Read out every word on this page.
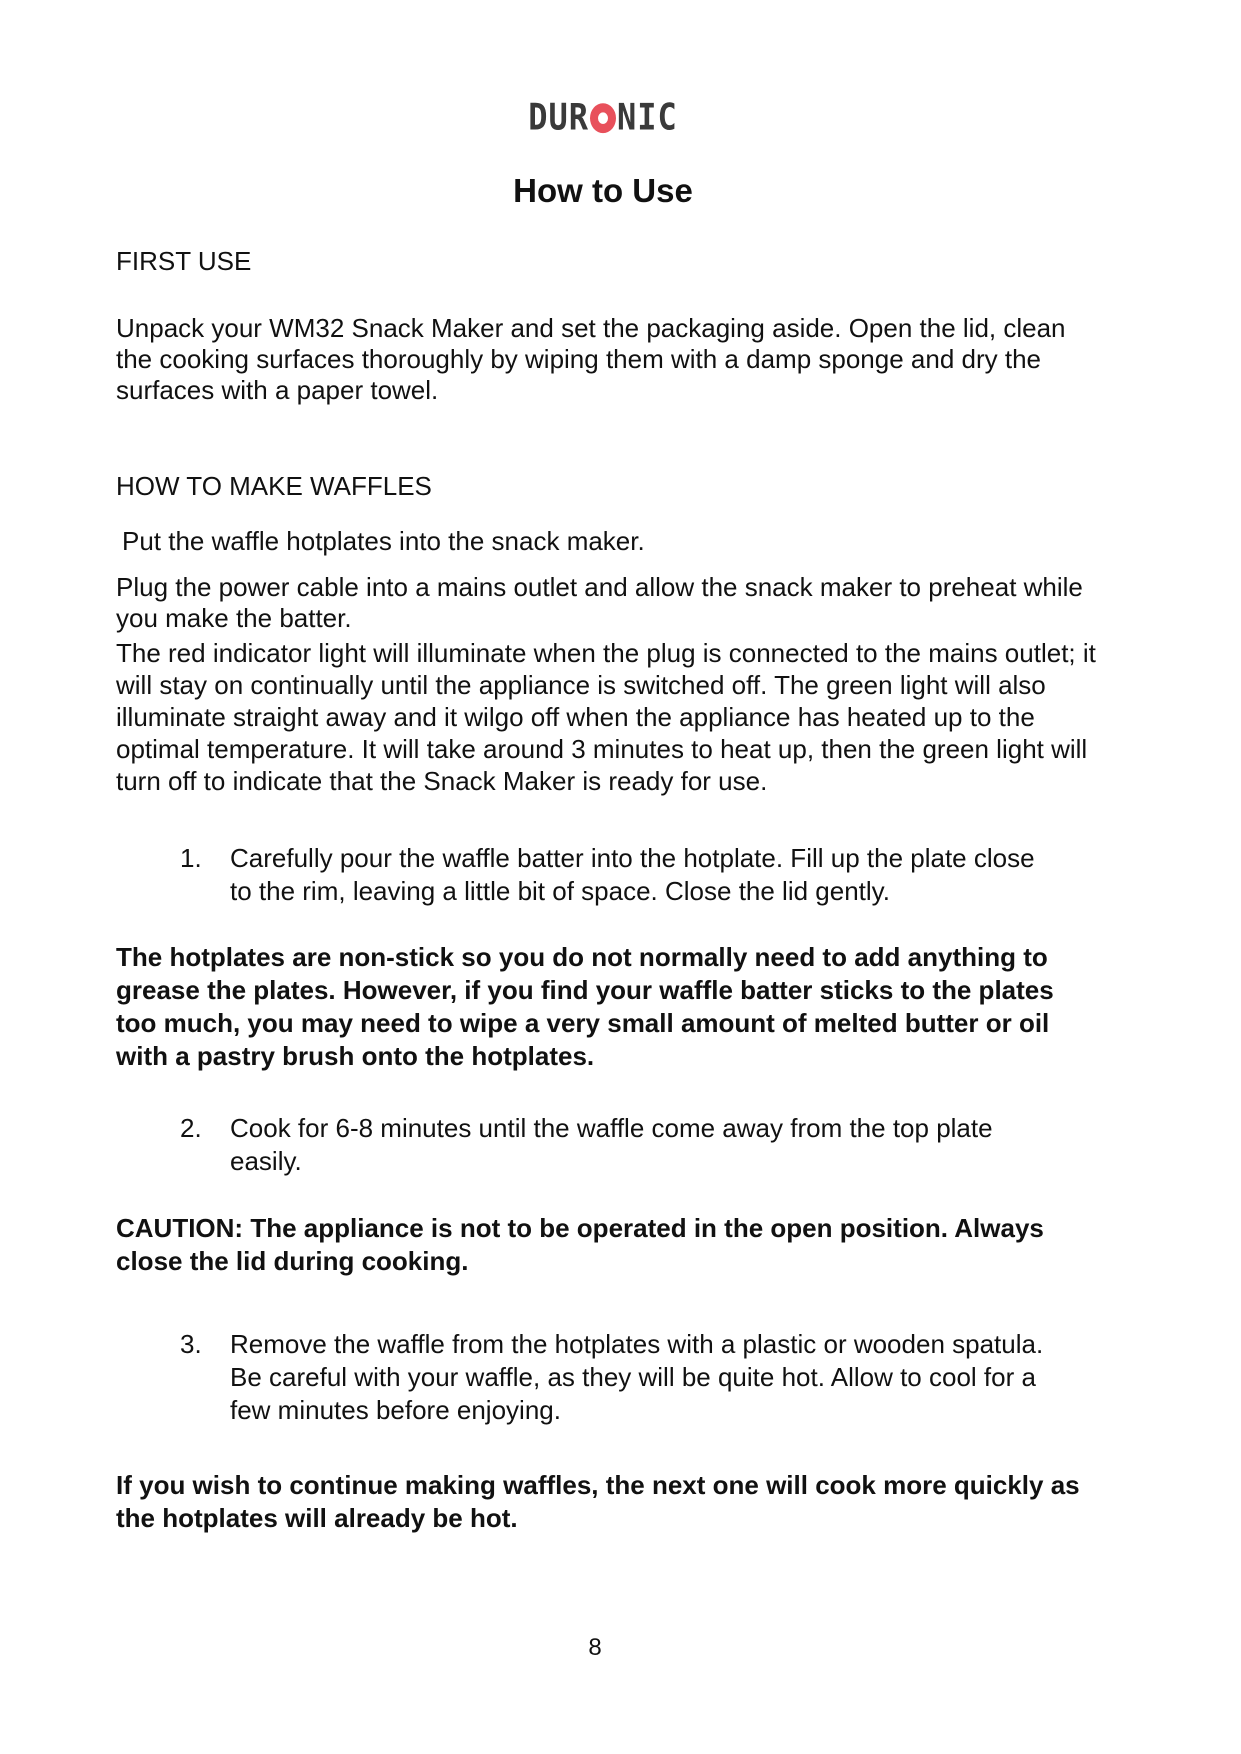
DUR NIC
How to Use

FIRST USE

Unpack your WM32 Snack Maker and set the packaging aside. Open the lid, clean the cooking surfaces thoroughly by wiping them with a damp sponge and dry the surfaces with a paper towel.

HOW TO MAKE WAFFLES

Put the waffle hotplates into the snack maker.

Plug the power cable into a mains outlet and allow the snack maker to preheat while you make the batter.

The red indicator light will illuminate when the plug is connected to the mains outlet; it will stay on continually until the appliance is switched off. The green light will also illuminate straight away and it wilɡo off when the appliance has heated up to the optimal temperature. It will take around 3 minutes to heat up, then the green light will turn off to indicate that the Snack Maker is ready for use.

1. Carefully pour the waffle batter into the hotplate. Fill up the plate close to the rim, leaving a little bit of space. Close the lid gently.

The hotplates are non-stick so you do not normally need to add anything to grease the plates. However, if you find your waffle batter sticks to the plates too much, you may need to wipe a very small amount of melted butter or oil with a pastry brush onto the hotplates.

2. Cook for 6-8 minutes until the waffle come away from the top plate easily.

CAUTION: The appliance is not to be operated in the open position. Always close the lid during cooking.

3. Remove the waffle from the hotplates with a plastic or wooden spatula. Be careful with your waffle, as they will be quite hot. Allow to cool for a few minutes before enjoying.

If you wish to continue making waffles, the next one will cook more quickly as the hotplates will already be hot.

8
